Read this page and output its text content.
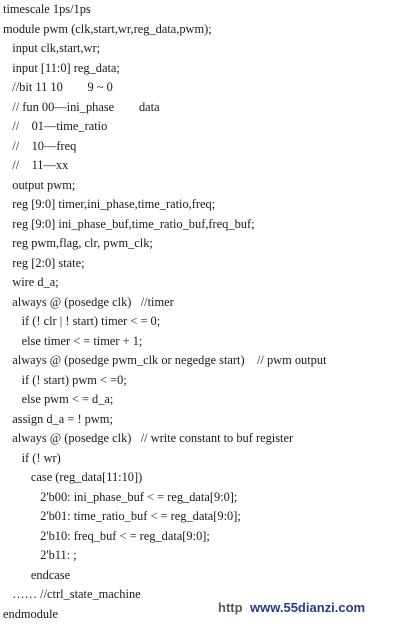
timescale 1ps/1ps
module pwm (clk,start,wr,reg_data,pwm);
input clk,start,wr;
input [11:0] reg_data;
//bit 11 10        9 ~ 0
// fun 00—ini_phase        data
//    01—time_ratio
//    10—freq
//    11—xx
output pwm;
reg [9:0] timer,ini_phase,time_ratio,freq;
reg [9:0] ini_phase_buf,time_ratio_buf,freq_buf;
reg pwm,flag, clr, pwm_clk;
reg [2:0] state;
wire d_a;
always @ (posedge clk)   //timer
if (! clr | ! start) timer < = 0;
else timer < = timer + 1;
always @ (posedge pwm_clk or negedge start)    // pwm output
if (! start) pwm < =0;
else pwm < = d_a;
assign d_a = ! pwm;
always @ (posedge clk)   // write constant to buf register
if (! wr)
case (reg_data[11:10])
2'b00: ini_phase_buf < = reg_data[9:0];
2'b01: time_ratio_buf < = reg_data[9:0];
2'b10: freq_buf < = reg_data[9:0];
2'b11: ;
endcase
…… //ctrl_state_machine
endmodule	http www.55dianzi.com
